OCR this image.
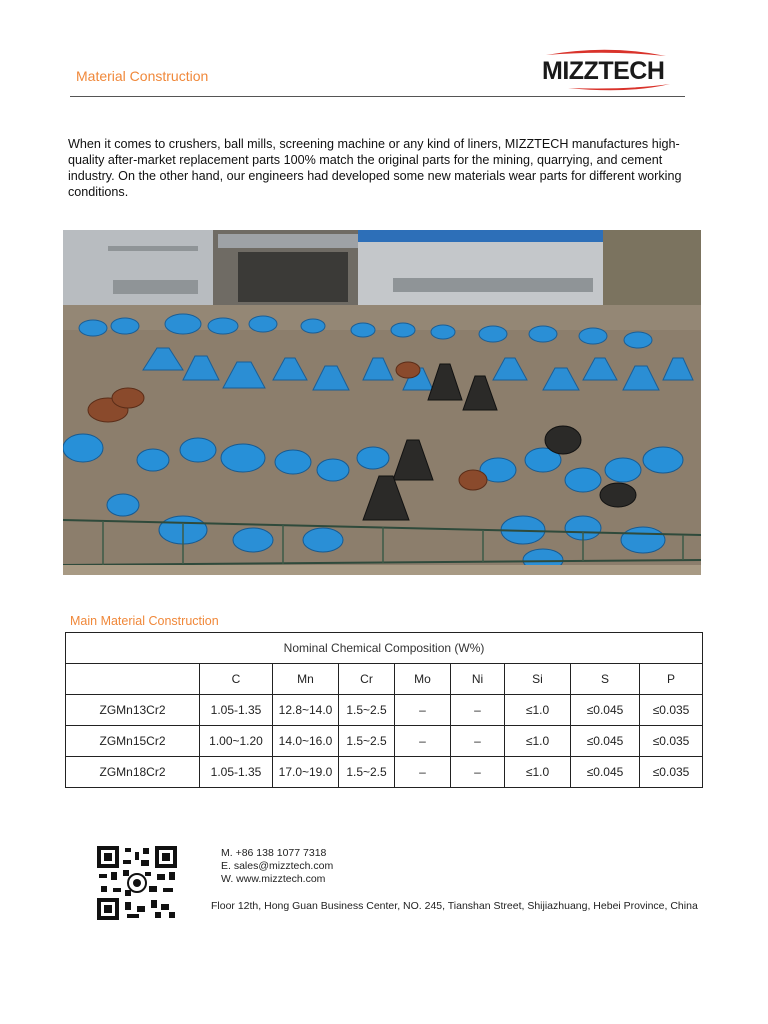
Material Construction	MIZZTECH
When it comes to crushers, ball mills, screening machine or any kind of liners, MIZZTECH manufactures high-quality after-market replacement parts 100% match the original parts for the mining, quarrying, and cement industry. On the other hand, our engineers had developed some new materials wear parts for different working conditions.
Main Material Construction
Nominal Chemical Composition (W%)								
	C	Mn	Cr	Mo	Ni	Si	S	P
ZGMn13Cr2	1.05-1.35	12.8~14.0	1.5~2.5	–	–	≤1.0	≤0.045	≤0.035
ZGMn15Cr2	1.00~1.20	14.0~16.0	1.5~2.5	–	–	≤1.0	≤0.045	≤0.035
ZGMn18Cr2	1.05-1.35	17.0~19.0	1.5~2.5	–	–	≤1.0	≤0.045	≤0.035
M. +86 138 1077 7318
E. sales@mizztech.com
W. www.mizztech.com
Floor 12th, Hong Guan Business Center, NO. 245, Tianshan Street, Shijiazhuang, Hebei Province, China
